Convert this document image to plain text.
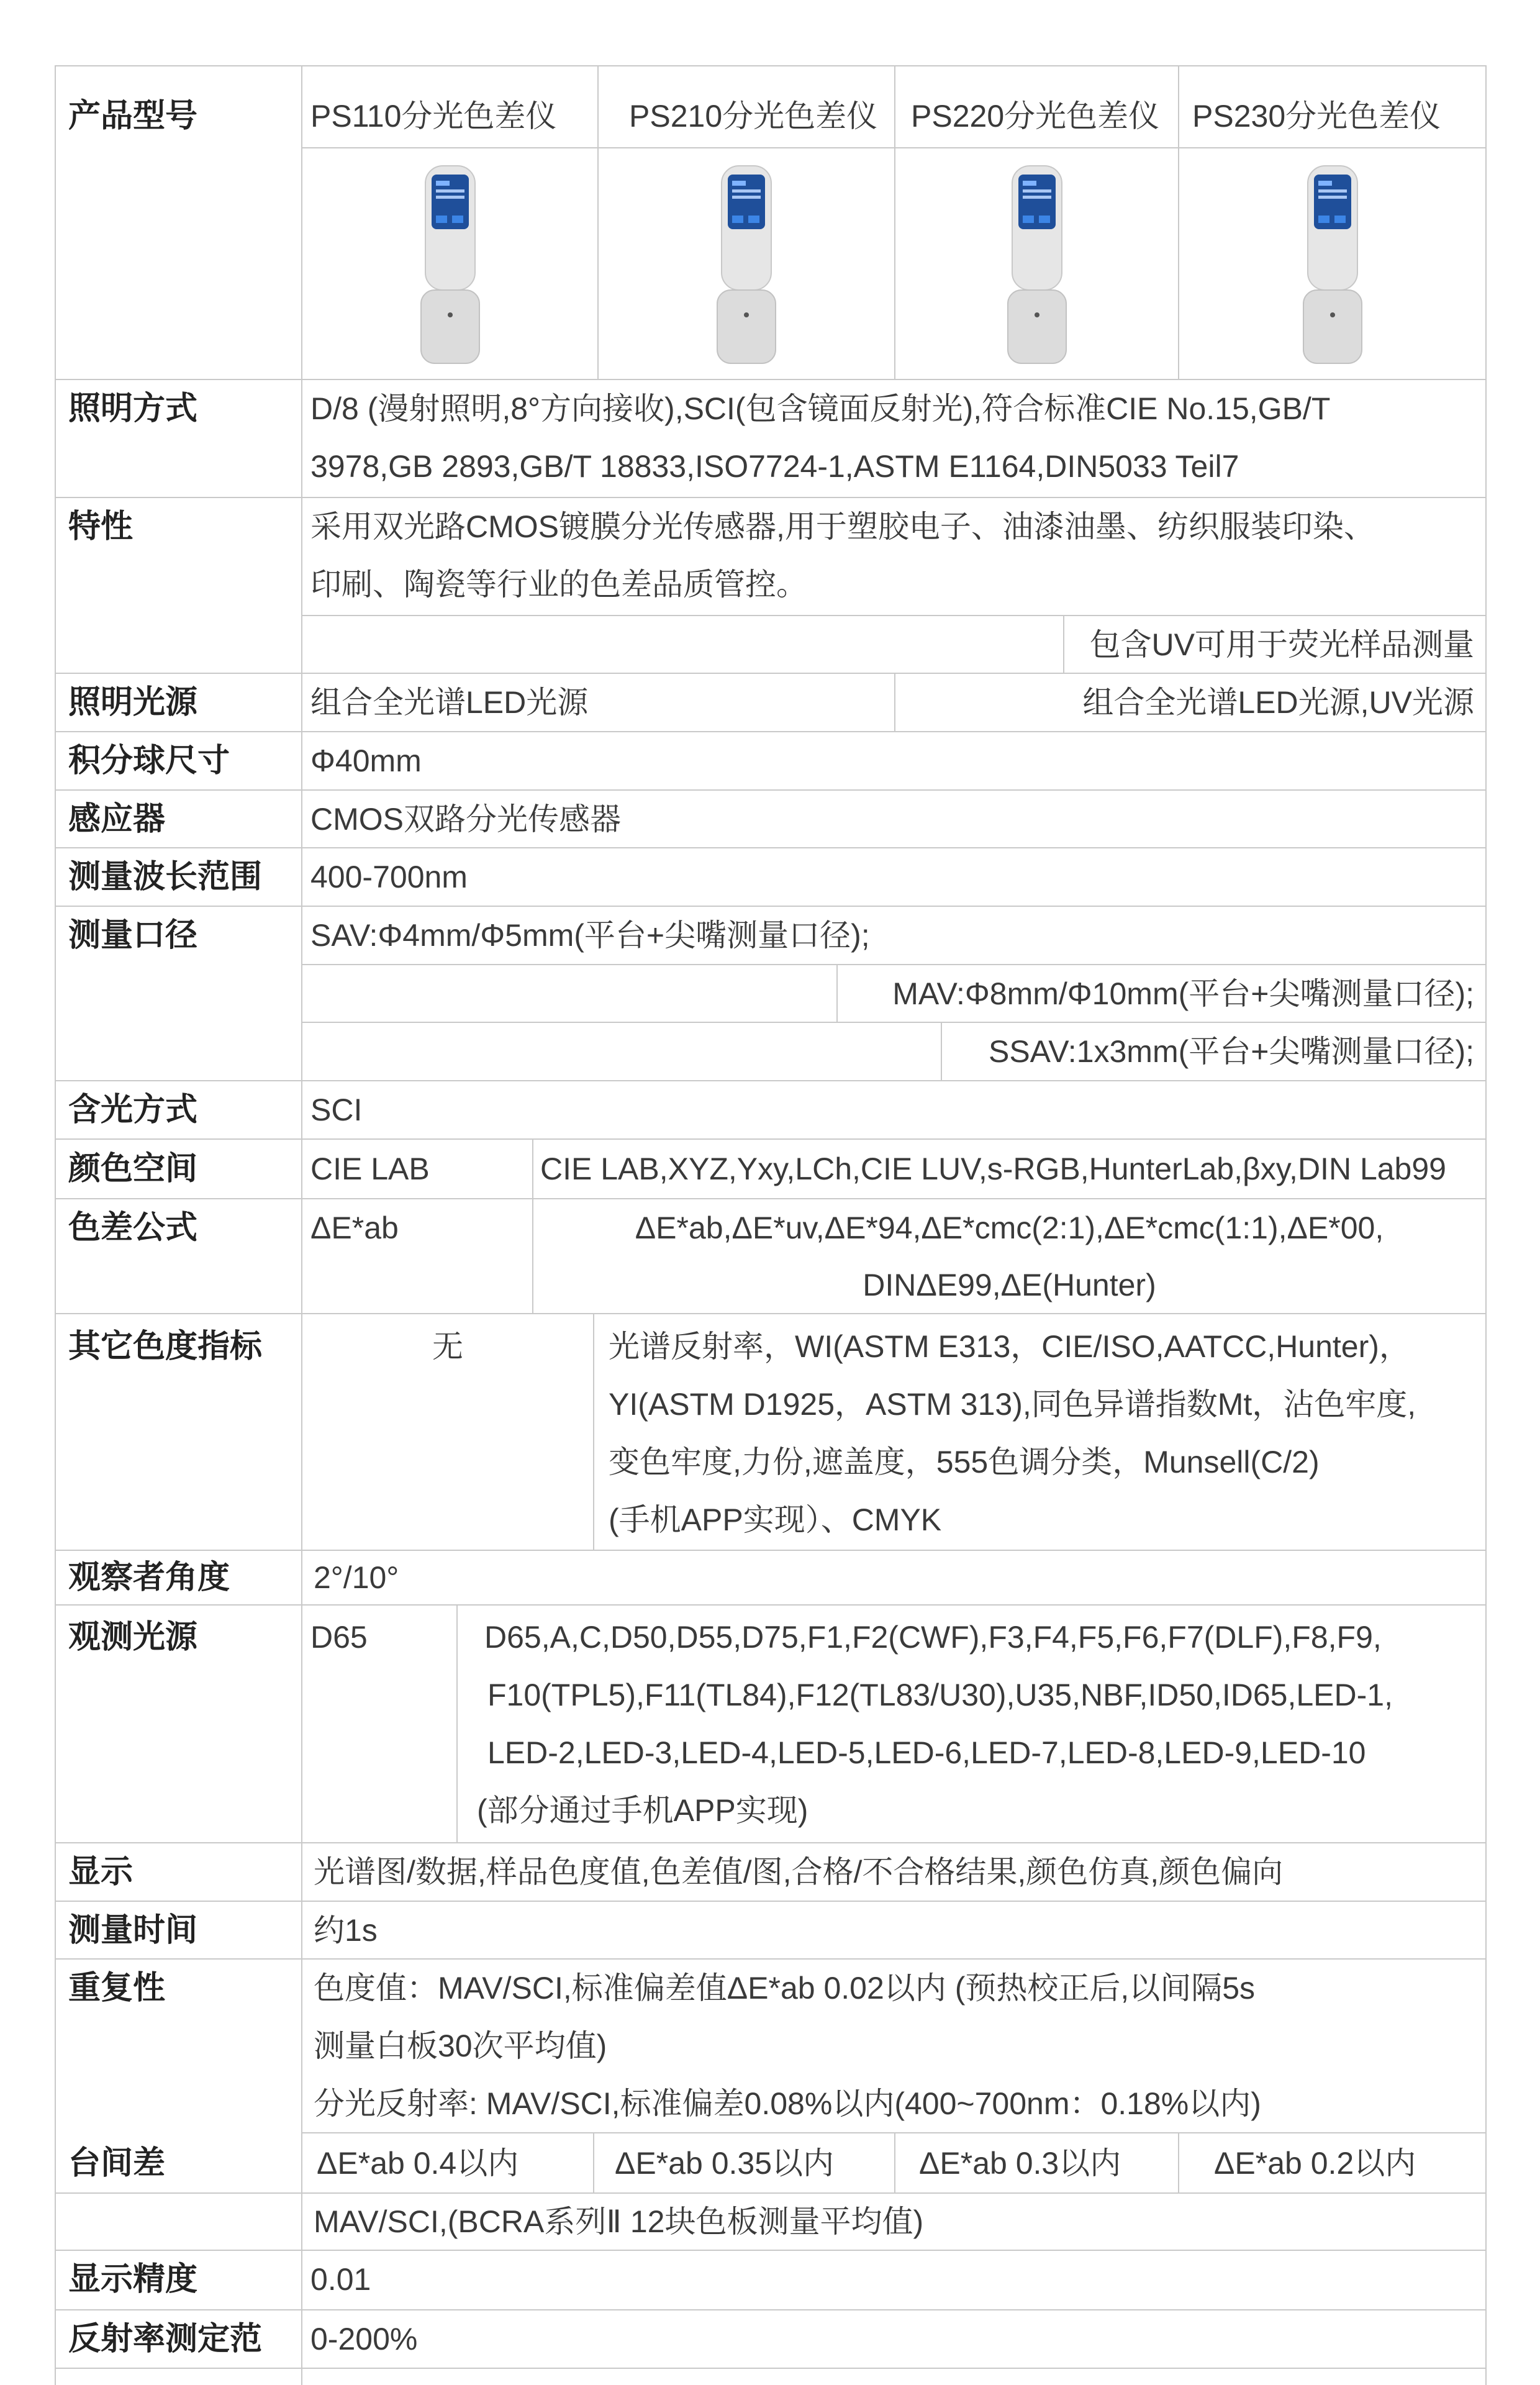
产品型号	PS110分光色差仪 PS210分光色差仪 PS220分光色差仪 PS230分光色差仪
照明方式	D/8 (漫射照明,8°方向接收),SCI(包含镜面反射光),符合标准CIE No.15,GB/T
3978,GB 2893,GB/T 18833,ISO7724-1,ASTM E1164,DIN5033 Teil7
特性	采用双光路CMOS镀膜分光传感器,用于塑胶电子、油漆油墨、纺织服装印染、
印刷、陶瓷等行业的色差品质管控。
包含UV可用于荧光样品测量
照明光源	组合全光谱LED光源	组合全光谱LED光源,UV光源
积分球尺寸	Φ40mm
感应器	CMOS双路分光传感器
测量波长范围 400-700nm
测量口径	SAV:Φ4mm/Φ5mm(平台+尖嘴测量口径);
MAV:Φ8mm/Φ10mm(平台+尖嘴测量口径);
SSAV:1x3mm(平台+尖嘴测量口径);
含光方式	SCI
颜色空间	CIE LAB	CIE LAB,XYZ,Yxy,LCh,CIE LUV,s-RGB,HunterLab,βxy,DIN Lab99
色差公式	ΔE*ab	ΔE*ab,ΔE*uv,ΔE*94,ΔE*cmc(2:1),ΔE*cmc(1:1),ΔE*00,
DINΔE99,ΔE(Hunter)
其它色度指标	无	光谱反射率，WI(ASTM E313，CIE/ISO,AATCC,Hunter)，
YI(ASTM D1925，ASTM 313),同色异谱指数Mt，沾色牢度,
变色牢度,力份,遮盖度，555色调分类，Munsell(C/2)
(手机APP实现）、CMYK
观察者角度	2°/10°
观测光源	D65	D65,A,C,D50,D55,D75,F1,F2(CWF),F3,F4,F5,F6,F7(DLF),F8,F9,
F10(TPL5),F11(TL84),F12(TL83/U30),U35,NBF,ID50,ID65,LED-1,
LED-2,LED-3,LED-4,LED-5,LED-6,LED-7,LED-8,LED-9,LED-10
(部分通过手机APP实现)
显示	光谱图/数据,样品色度值,色差值/图,合格/不合格结果,颜色仿真,颜色偏向
测量时间	约1s
重复性	色度值：MAV/SCI,标准偏差值ΔE*ab 0.02以内 (预热校正后,以间隔5s
测量白板30次平均值)
分光反射率: MAV/SCI,标准偏差0.08%以内(400~700nm：0.18%以内)
台间差	ΔE*ab 0.4以内	ΔE*ab 0.35以内	ΔE*ab 0.3以内	ΔE*ab 0.2以内
MAV/SCI,(BCRA系列Ⅱ 12块色板测量平均值)
显示精度	0.01
反射率测定范 0-200%
